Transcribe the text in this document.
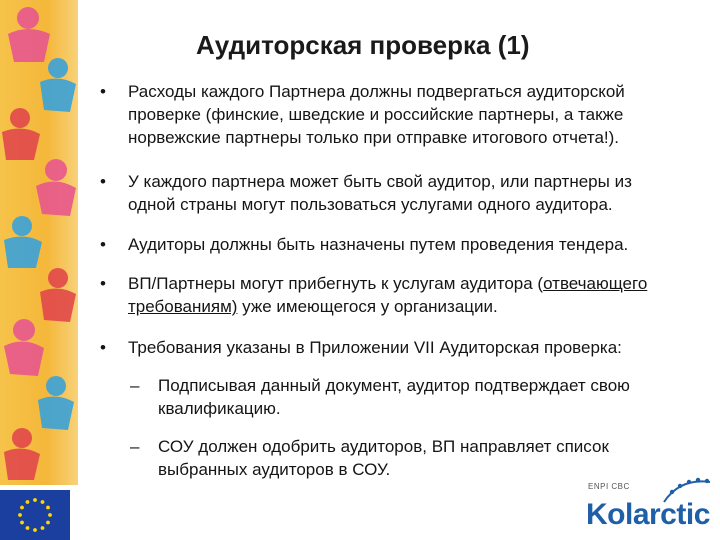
Аудиторская проверка (1)
•	Расходы каждого Партнера должны подвергаться аудиторской
проверке (финские, шведские и российские партнеры, а также
норвежские партнеры только при отправке итогового отчета!).
•	У каждого партнера может быть свой аудитор, или партнеры из
одной страны могут пользоваться услугами одного аудитора.
•	Аудиторы должны быть назначены путем проведения тендера.
•	ВП/Партнеры могут прибегнуть к услугам аудитора (отвечающего
требованиям) уже имеющегося у организации.
•	Требования указаны в Приложении VII Аудиторская проверка:
– Подписывая данный документ, аудитор подтверждает свою
квалификацию.
– СОУ должен одобрить аудиторов, ВП направляет список
выбранных аудиторов в СОУ.
ENPI CBC
Kolarctic
